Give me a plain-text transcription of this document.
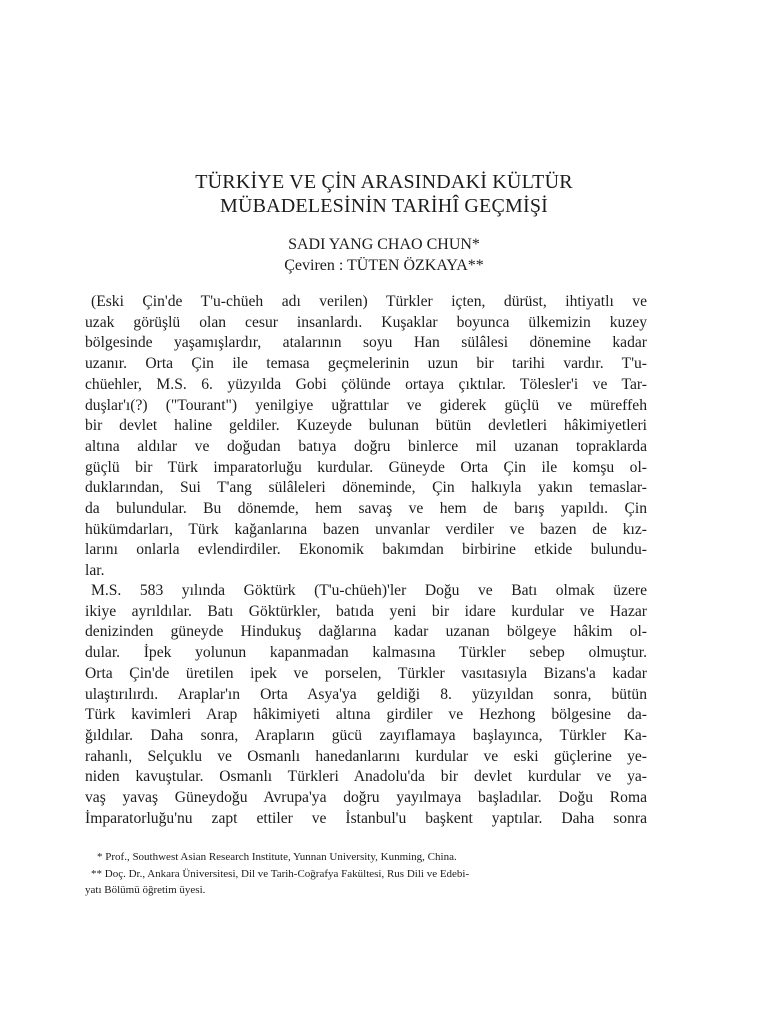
TÜRKİYE VE ÇİN ARASINDAKİ KÜLTÜR
MÜBADELESİNİN TARİHÎ GEÇMİŞİ

SADI YANG CHAO CHUN*

Çeviren : TÜTEN ÖZKAYA**

(Eski Çin'de T'u-chüeh adı verilen) Türkler içten, dürüst, ihtiyatlı ve
uzak görüşlü olan cesur insanlardı. Kuşaklar boyunca ülkemizin kuzey
bölgesinde yaşamışlardır, atalarının soyu Han sülâlesi dönemine kadar
uzanır. Orta Çin ile temasa geçmelerinin uzun bir tarihi vardır. T'u-
chüehler, M.S. 6. yüzyılda Gobi çölünde ortaya çıktılar. Tölesler'i ve Tar-
duşlar'ı(?) ("Tourant") yenilgiye uğrattılar ve giderek güçlü ve müreffeh
bir devlet haline geldiler. Kuzeyde bulunan bütün devletleri hâkimiyetleri
altına aldılar ve doğudan batıya doğru binlerce mil uzanan topraklarda
güçlü bir Türk imparatorluğu kurdular. Güneyde Orta Çin ile komşu ol-
duklarından, Sui T'ang sülâleleri döneminde, Çin halkıyla yakın temaslar-
da bulundular. Bu dönemde, hem savaş ve hem de barış yapıldı. Çin
hükümdarları, Türk kağanlarına bazen unvanlar verdiler ve bazen de kız-
larını onlarla evlendirdiler. Ekonomik bakımdan birbirine etkide bulundu-
lar.
M.S. 583 yılında Göktürk (T'u-chüeh)'ler Doğu ve Batı olmak üzere
ikiye ayrıldılar. Batı Göktürkler, batıda yeni bir idare kurdular ve Hazar
denizinden güneyde Hindukuş dağlarına kadar uzanan bölgeye hâkim ol-
dular. İpek yolunun kapanmadan kalmasına Türkler sebep olmuştur.
Orta Çin'de üretilen ipek ve porselen, Türkler vasıtasıyla Bizans'a kadar
ulaştırılırdı. Araplar'ın Orta Asya'ya geldiği 8. yüzyıldan sonra, bütün
Türk kavimleri Arap hâkimiyeti altına girdiler ve Hezhong bölgesine da-
ğıldılar. Daha sonra, Arapların gücü zayıflamaya başlayınca, Türkler Ka-
rahanlı, Selçuklu ve Osmanlı hanedanlarını kurdular ve eski güçlerine ye-
niden kavuştular. Osmanlı Türkleri Anadolu'da bir devlet kurdular ve ya-
vaş yavaş Güneydoğu Avrupa'ya doğru yayılmaya başladılar. Doğu Roma
İmparatorluğu'nu zapt ettiler ve İstanbul'u başkent yaptılar. Daha sonra
* Prof., Southwest Asian Research Institute, Yunnan University, Kunming, China.
** Doç. Dr., Ankara Üniversitesi, Dil ve Tarih-Coğrafya Fakültesi, Rus Dili ve Edebi-
yatı Bölümü öğretim üyesi.
